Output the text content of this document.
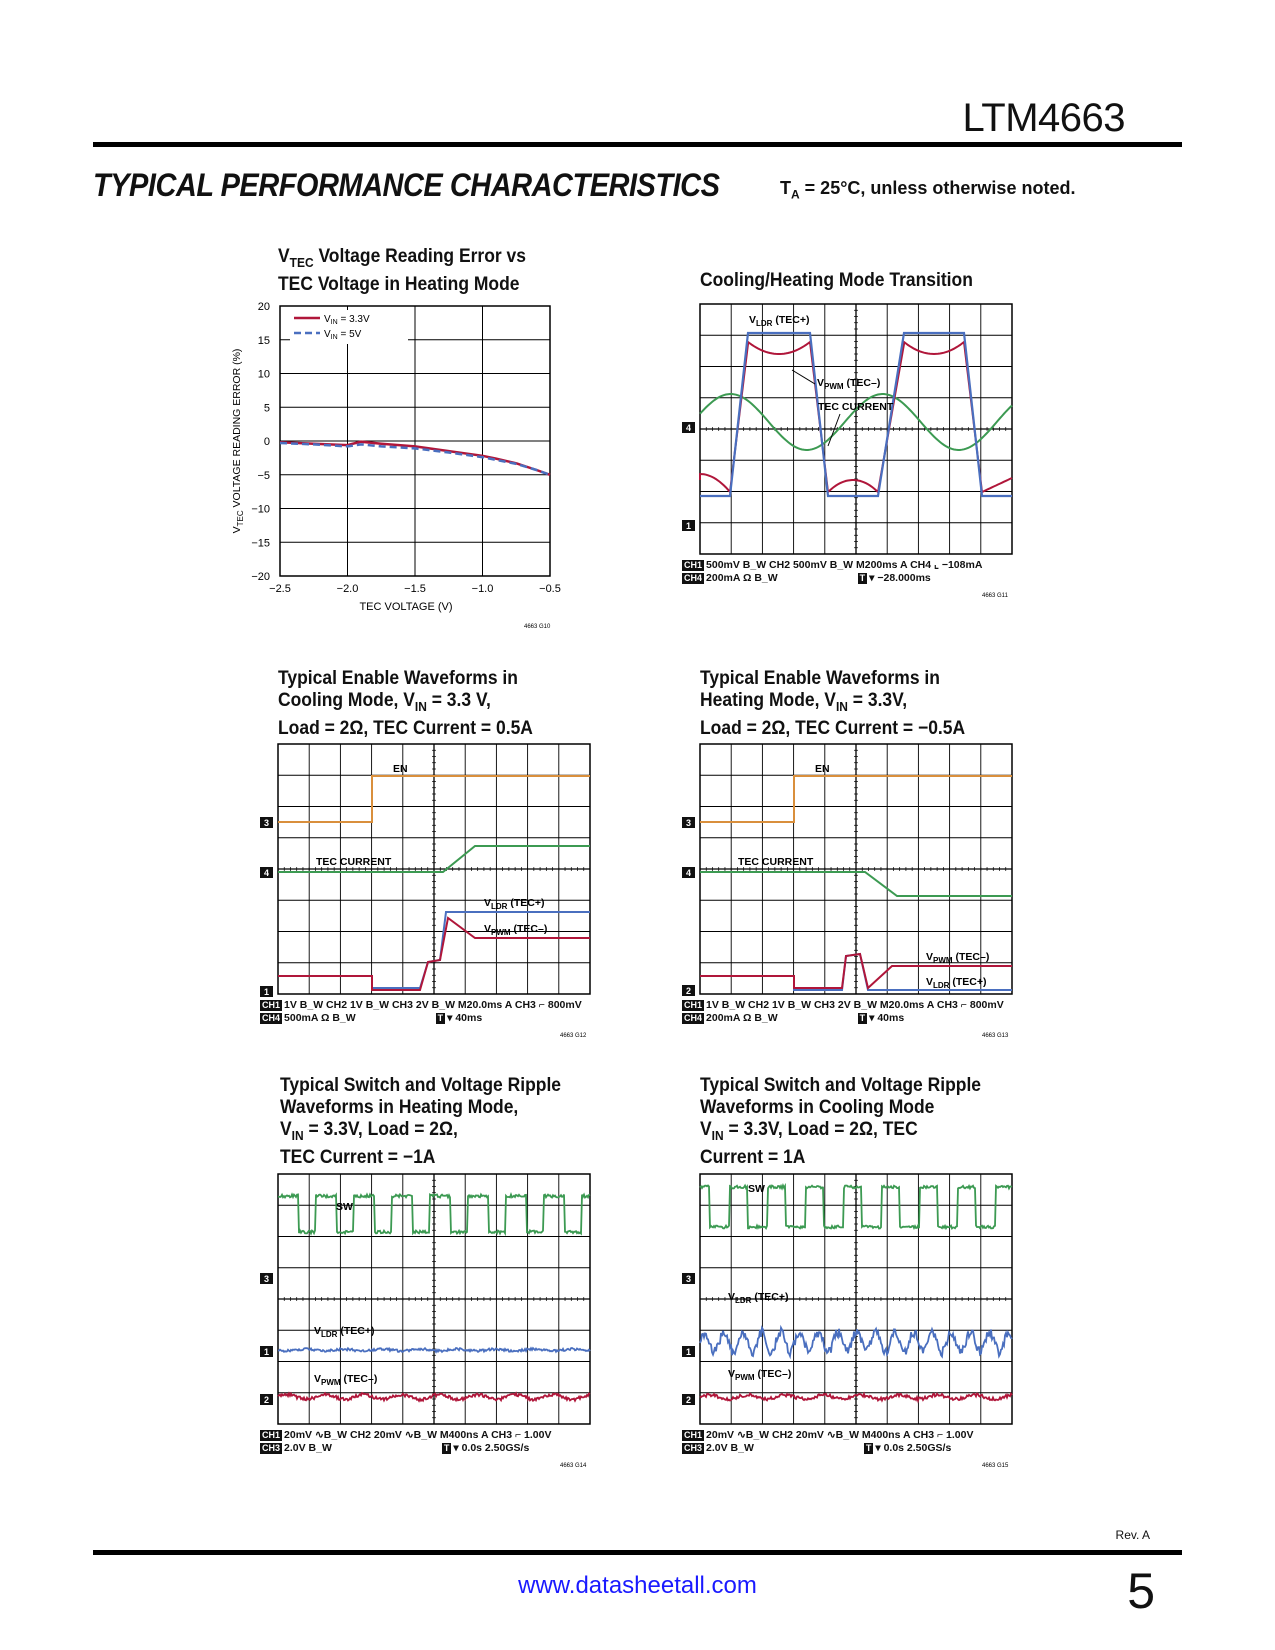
LTM4663
TYPICAL PERFORMANCE CHARACTERISTICS	$T_A = 25^\circ C$, unless otherwise noted.
$V_{TEC}$ Voltage Reading Error vs
TEC Voltage in Heating Mode
20
15
10
5
0
−5
−10
−15
−20
−2.5	−2.0	−1.5	−1.0	−0.5
$V_{IN} = 3.3V$
$V_{IN} = 5V$
TEC VOLTAGE (V)
$V_{TEC}$ VOLTAGE READING ERROR (%)
4663 G10
Cooling/Heating Mode Transition
4
1
$V_{LDR}$ (TEC+)
$V_{PWM}$ (TEC–)
TEC CURRENT
4663 G11
CH1 500mV B_W CH2 500mV B_W M200ms A CH4 ⌞ −108mA
CH4 200mA Ω B_W	T ▾ −28.000ms
Typical Enable Waveforms in
Cooling Mode, $V_{IN} = 3.3$ V,
Load = 2Ω, TEC Current = 0.5A
3
4
1
EN
TEC CURRENT
$V_{LDR}$ (TEC+)
$V_{PWM}$ (TEC–)
4663 G12
CH1 1V B_W CH2 1V B_W CH3 2V B_W M20.0ms A CH3 ⌐ 800mV
CH4 500mA Ω B_W	T ▾ 40ms
Typical Enable Waveforms in
Heating Mode, $V_{IN} = 3.3V$,
Load = 2Ω, TEC Current = −0.5A
3
4
2
EN
TEC CURRENT
$V_{PWM}$ (TEC–)
$V_{LDR}$ (TEC+)
4663 G13
CH1 1V B_W CH2 1V B_W CH3 2V B_W M20.0ms A CH3 ⌐ 800mV
CH4 200mA Ω B_W	T ▾ 40ms
Typical Switch and Voltage Ripple
Waveforms in Heating Mode,
$V_{IN} = 3.3V$, Load = 2Ω,
TEC Current = −1A
3
1
2
SW
$V_{LDR}$ (TEC+)
$V_{PWM}$ (TEC–)
4663 G14
CH1 20mV ∿B_W CH2 20mV ∿B_W M400ns A CH3 ⌐ 1.00V
CH3 2.0V B_W	T ▾ 0.0s 2.50GS/s
Typical Switch and Voltage Ripple
Waveforms in Cooling Mode
$V_{IN} = 3.3V$, Load = 2Ω, TEC
Current = 1A
3
1
2
SW
$V_{LDR}$ (TEC+)
$V_{PWM}$ (TEC–)
4663 G15
CH1 20mV ∿B_W CH2 20mV ∿B_W M400ns A CH3 ⌐ 1.00V
CH3 2.0V B_W	T ▾ 0.0s 2.50GS/s
Rev. A
www.datasheetall.com	5
